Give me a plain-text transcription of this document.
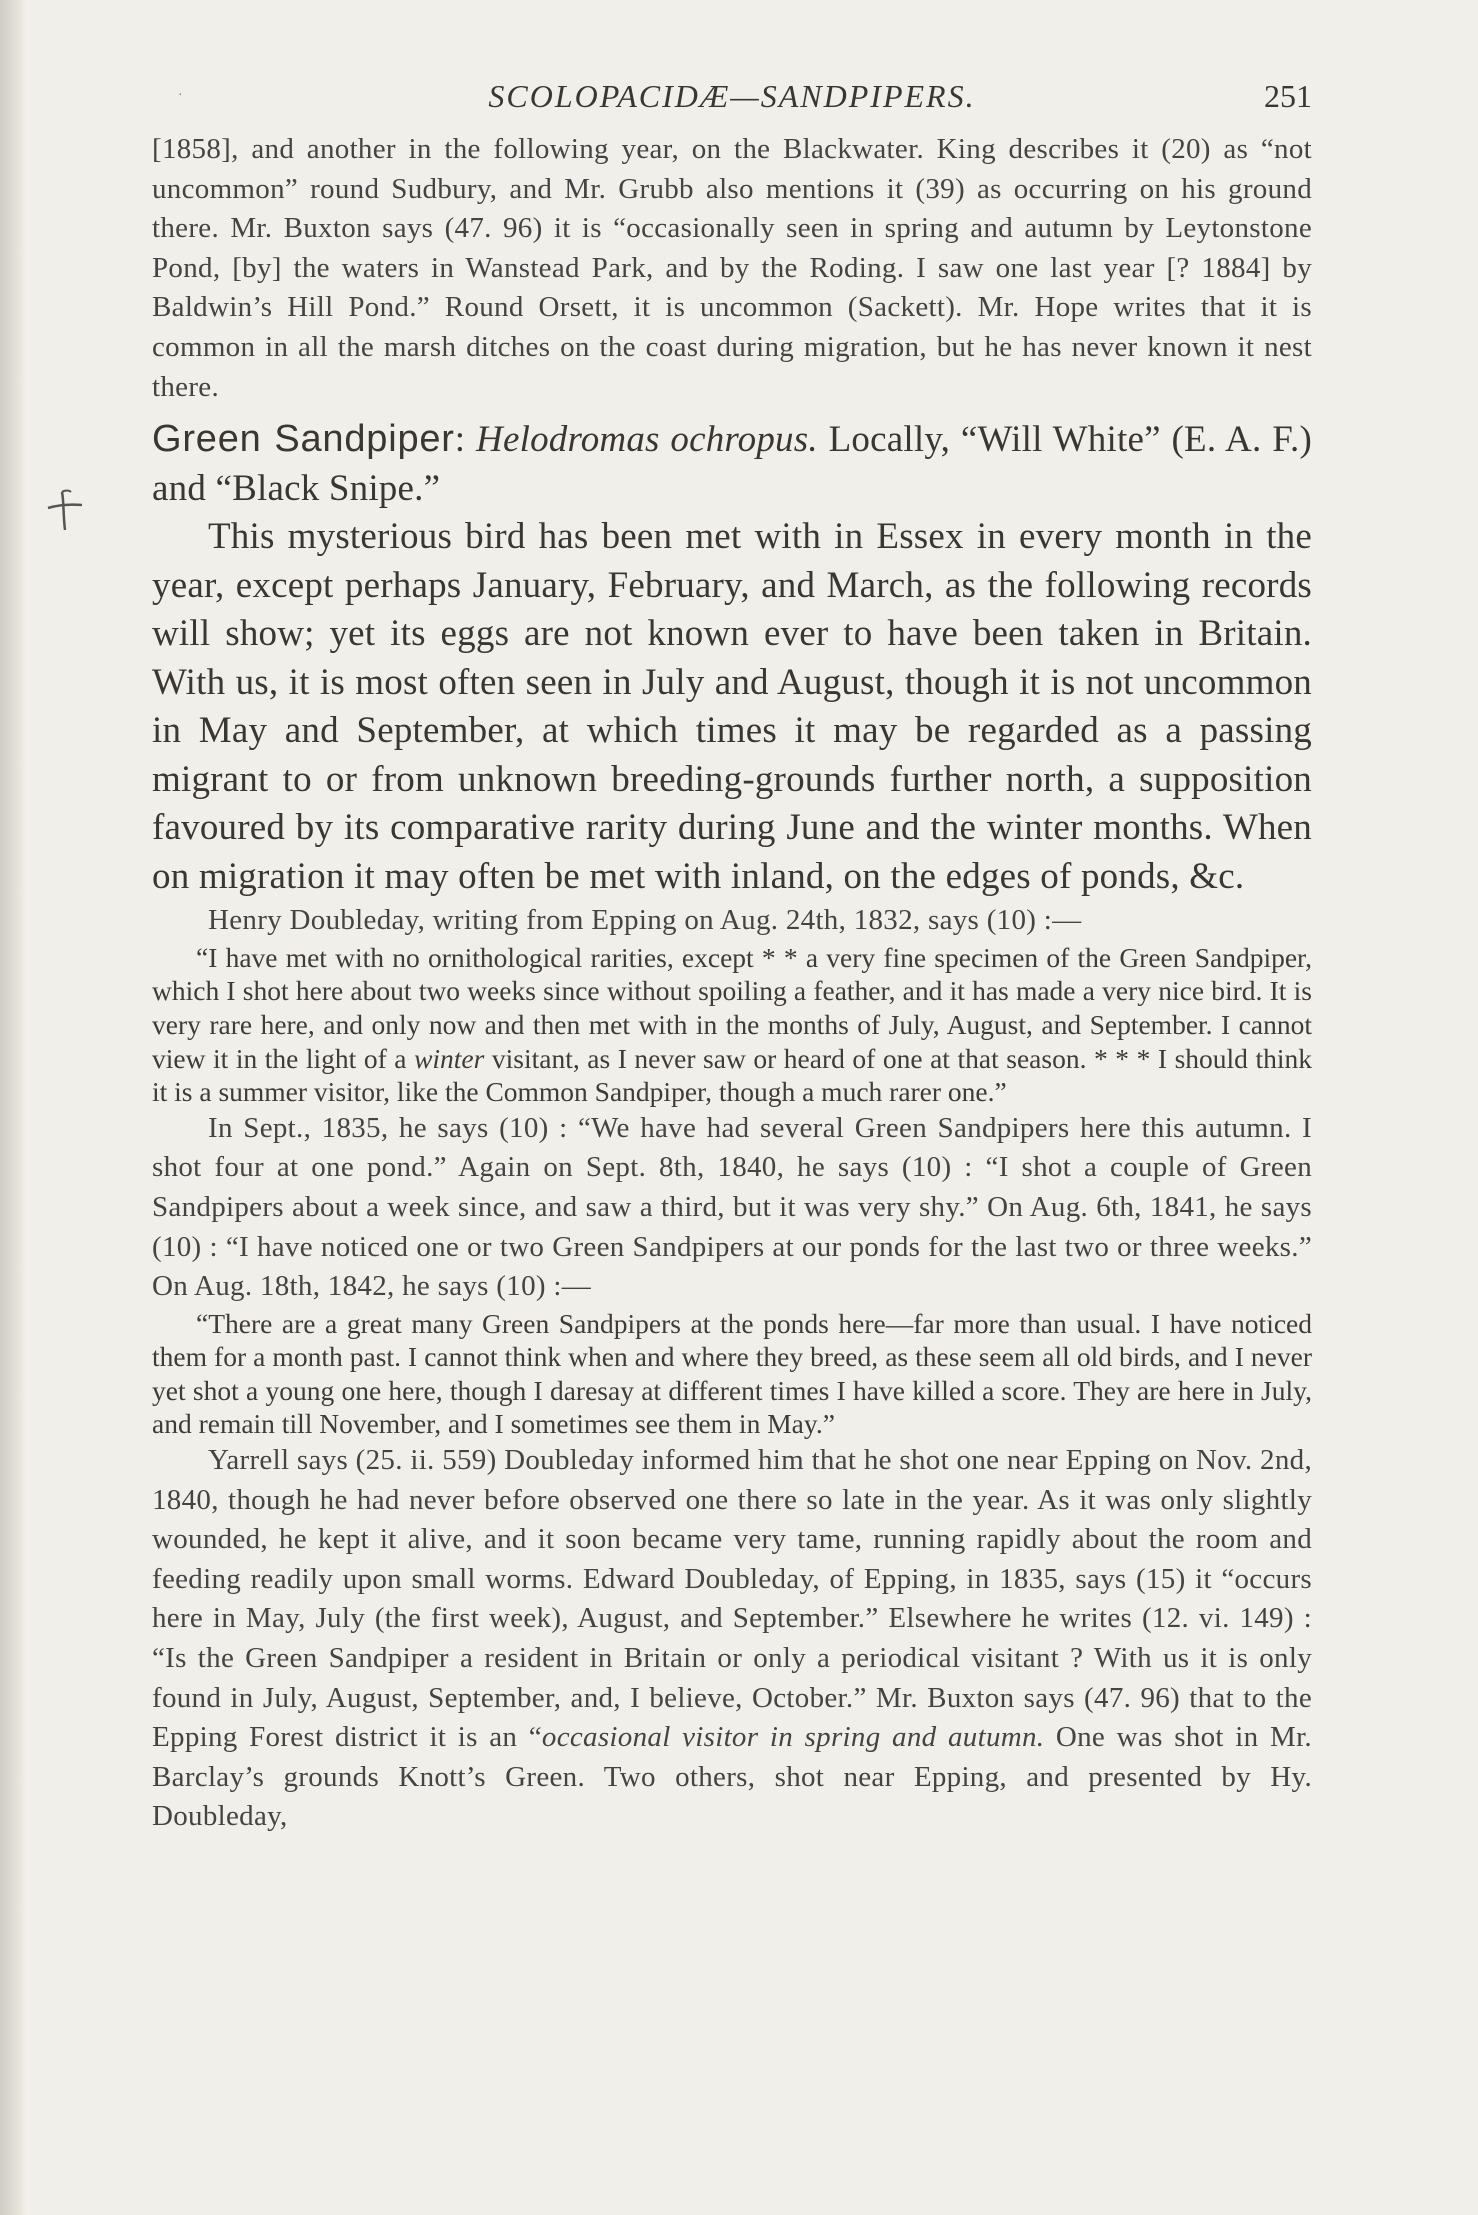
·	SCOLOPACIDÆ—SANDPIPERS.	251

[1858], and another in the following year, on the Blackwater. King describes it (20) as “not uncommon” round Sudbury, and Mr. Grubb also mentions it (39) as occurring on his ground there. Mr. Buxton says (47. 96) it is “occasionally seen in spring and autumn by Leytonstone Pond, [by] the waters in Wanstead Park, and by the Roding. I saw one last year [? 1884] by Baldwin’s Hill Pond.” Round Orsett, it is uncommon (Sackett). Mr. Hope writes that it is common in all the marsh ditches on the coast during migration, but he has never known it nest there.

Green Sandpiper: Helodromas ochropus. Locally, “Will White” (E. A. F.) and “Black Snipe.”

This mysterious bird has been met with in Essex in every month in the year, except perhaps January, February, and March, as the following records will show; yet its eggs are not known ever to have been taken in Britain. With us, it is most often seen in July and August, though it is not uncommon in May and September, at which times it may be regarded as a passing migrant to or from unknown breeding-grounds further north, a supposition favoured by its comparative rarity during June and the winter months. When on migration it may often be met with inland, on the edges of ponds, &c.

Henry Doubleday, writing from Epping on Aug. 24th, 1832, says (10) :—

“I have met with no ornithological rarities, except * * a very fine specimen of the Green Sandpiper, which I shot here about two weeks since without spoiling a feather, and it has made a very nice bird. It is very rare here, and only now and then met with in the months of July, August, and September. I cannot view it in the light of a winter visitant, as I never saw or heard of one at that season. * * * I should think it is a summer visitor, like the Common Sandpiper, though a much rarer one.”

In Sept., 1835, he says (10) : “We have had several Green Sandpipers here this autumn. I shot four at one pond.” Again on Sept. 8th, 1840, he says (10) : “I shot a couple of Green Sandpipers about a week since, and saw a third, but it was very shy.” On Aug. 6th, 1841, he says (10) : “I have noticed one or two Green Sandpipers at our ponds for the last two or three weeks.” On Aug. 18th, 1842, he says (10) :—

“There are a great many Green Sandpipers at the ponds here—far more than usual. I have noticed them for a month past. I cannot think when and where they breed, as these seem all old birds, and I never yet shot a young one here, though I daresay at different times I have killed a score. They are here in July, and remain till November, and I sometimes see them in May.”

Yarrell says (25. ii. 559) Doubleday informed him that he shot one near Epping on Nov. 2nd, 1840, though he had never before observed one there so late in the year. As it was only slightly wounded, he kept it alive, and it soon became very tame, running rapidly about the room and feeding readily upon small worms. Edward Doubleday, of Epping, in 1835, says (15) it “occurs here in May, July (the first week), August, and September.” Elsewhere he writes (12. vi. 149) : “Is the Green Sandpiper a resident in Britain or only a periodical visitant ? With us it is only found in July, August, September, and, I believe, October.” Mr. Buxton says (47. 96) that to the Epping Forest district it is an “occasional visitor in spring and autumn. One was shot in Mr. Barclay’s grounds Knott’s Green. Two others, shot near Epping, and presented by Hy. Doubleday,
